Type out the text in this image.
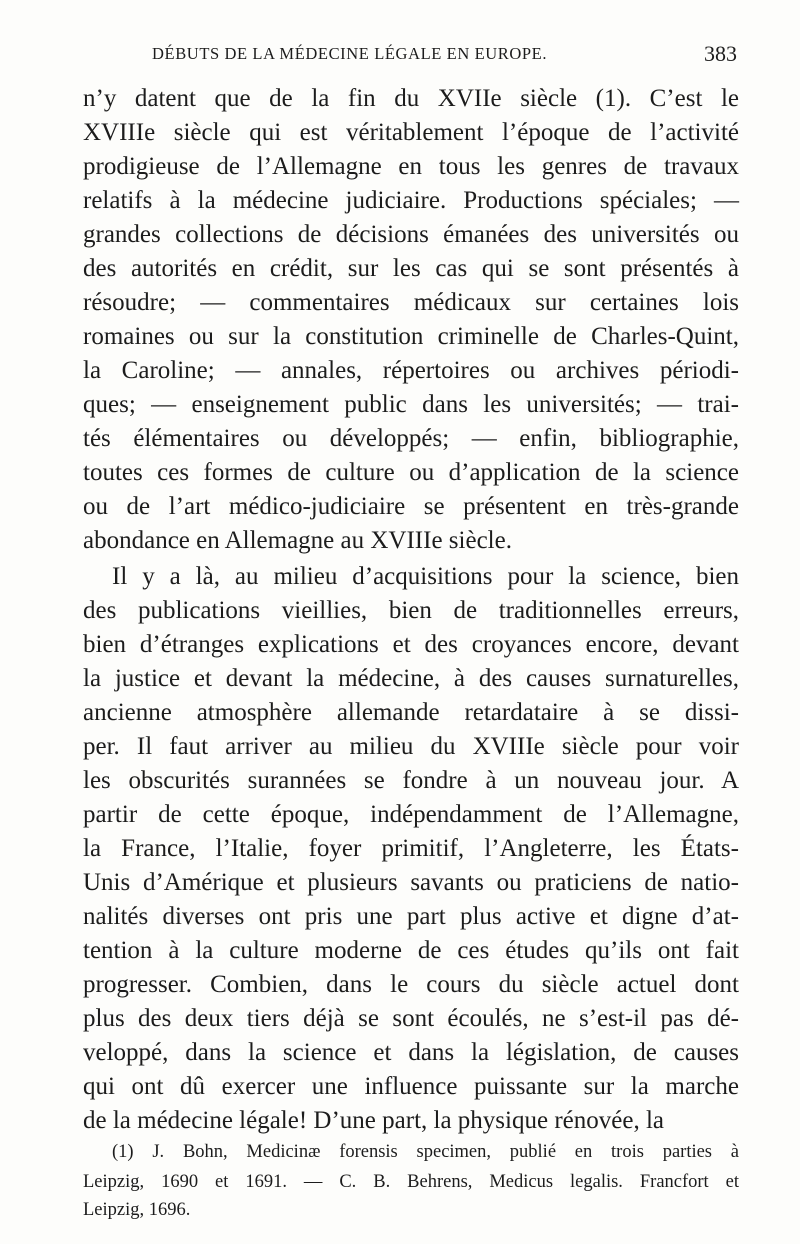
DÉBUTS DE LA MÉDECINE LÉGALE EN EUROPE.	383
n’y datent que de la fin du XVIIe siècle (1). C’est le
XVIIIe siècle qui est véritablement l’époque de l’activité
prodigieuse de l’Allemagne en tous les genres de travaux
relatifs à la médecine judiciaire. Productions spéciales; —
grandes collections de décisions émanées des universités ou
des autorités en crédit, sur les cas qui se sont présentés à
résoudre; — commentaires médicaux sur certaines lois
romaines ou sur la constitution criminelle de Charles-Quint,
la Caroline; — annales, répertoires ou archives périodi-
ques; — enseignement public dans les universités; — trai-
tés élémentaires ou développés; — enfin, bibliographie,
toutes ces formes de culture ou d’application de la science
ou de l’art médico-judiciaire se présentent en très-grande
abondance en Allemagne au XVIIIe siècle.
Il y a là, au milieu d’acquisitions pour la science, bien
des publications vieillies, bien de traditionnelles erreurs,
bien d’étranges explications et des croyances encore, devant
la justice et devant la médecine, à des causes surnaturelles,
ancienne atmosphère allemande retardataire à se dissi-
per. Il faut arriver au milieu du XVIIIe siècle pour voir
les obscurités surannées se fondre à un nouveau jour. A
partir de cette époque, indépendamment de l’Allemagne,
la France, l’Italie, foyer primitif, l’Angleterre, les États-
Unis d’Amérique et plusieurs savants ou praticiens de natio-
nalités diverses ont pris une part plus active et digne d’at-
tention à la culture moderne de ces études qu’ils ont fait
progresser. Combien, dans le cours du siècle actuel dont
plus des deux tiers déjà se sont écoulés, ne s’est-il pas dé-
veloppé, dans la science et dans la législation, de causes
qui ont dû exercer une influence puissante sur la marche
de la médecine légale! D’une part, la physique rénovée, la
(1) J. Bohn, Medicinæ forensis specimen, publié en trois parties à
Leipzig, 1690 et 1691. — C. B. Behrens, Medicus legalis. Francfort et
Leipzig, 1696.
